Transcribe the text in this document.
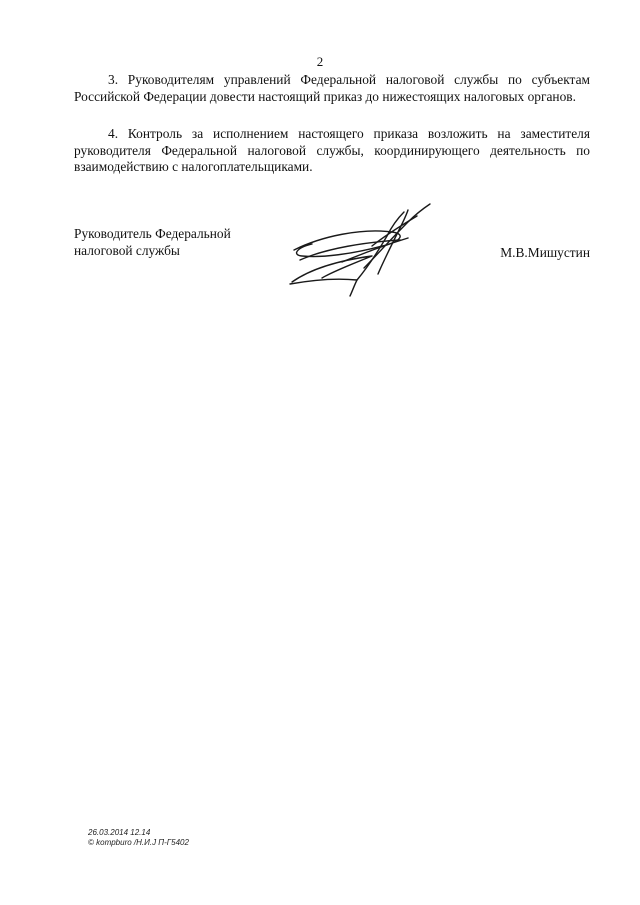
2

3. Руководителям управлений Федеральной налоговой службы по субъектам Российской Федерации довести настоящий приказ до нижестоящих налоговых органов.

4. Контроль за исполнением настоящего приказа возложить на заместителя руководителя Федеральной налоговой службы, координирующего деятельность по взаимодействию с налогоплательщиками.

Руководитель Федеральной
налоговой службы	М.В.Мишустин
26.03.2014 12.14
© kompburo /Н.И.J П-Г5402
